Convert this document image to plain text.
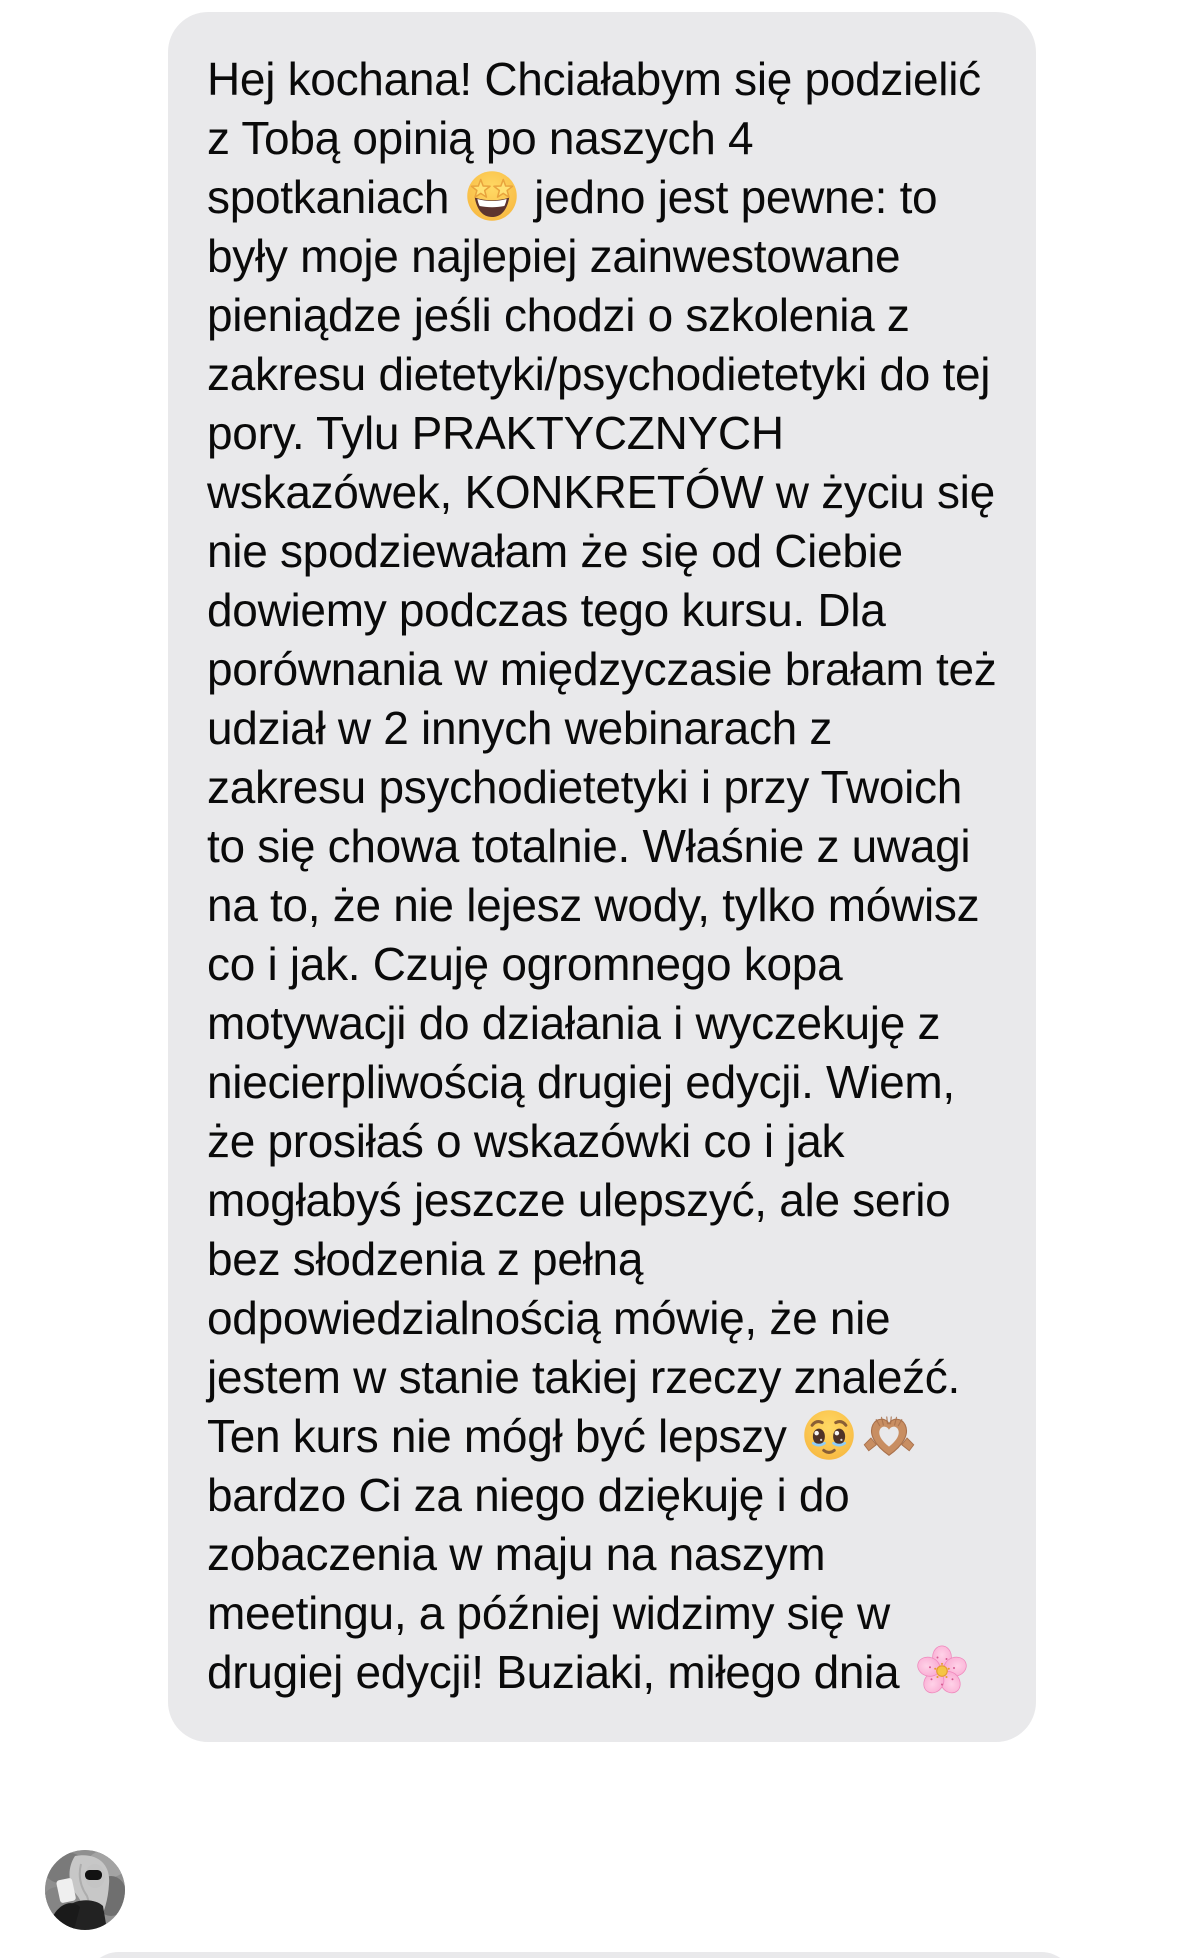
Hej kochana! Chciałabym się podzielić z Tobą opinią po naszych 4 spotkaniach
jedno jest pewne: to były moje najlepiej zainwestowane pieniądze jeśli chodzi o szkolenia z zakresu dietetyki/psychodietetyki do tej pory. Tylu PRAKTYCZNYCH wskazówek, KONKRETÓW w życiu się nie spodziewałam że się od Ciebie dowiemy podczas tego kursu. Dla porównania w międzyczasie brałam też udział w 2 innych webinarach z zakresu psychodietetyki i przy Twoich to się chowa totalnie. Właśnie z uwagi na to, że nie lejesz wody, tylko mówisz co i jak. Czuję ogromnego kopa motywacji do działania i wyczekuję z niecierpliwością drugiej edycji. Wiem, że prosiłaś o wskazówki co i jak mogłabyś jeszcze ulepszyć, ale serio bez słodzenia z pełną odpowiedzialnością mówię, że nie jestem w stanie takiej rzeczy znaleźć. Ten kurs nie mógł być lepszy
bardzo Ci za niego dziękuję i do zobaczenia w maju na naszym meetingu, a później widzimy się w drugiej edycji! Buziaki, miłego dnia
